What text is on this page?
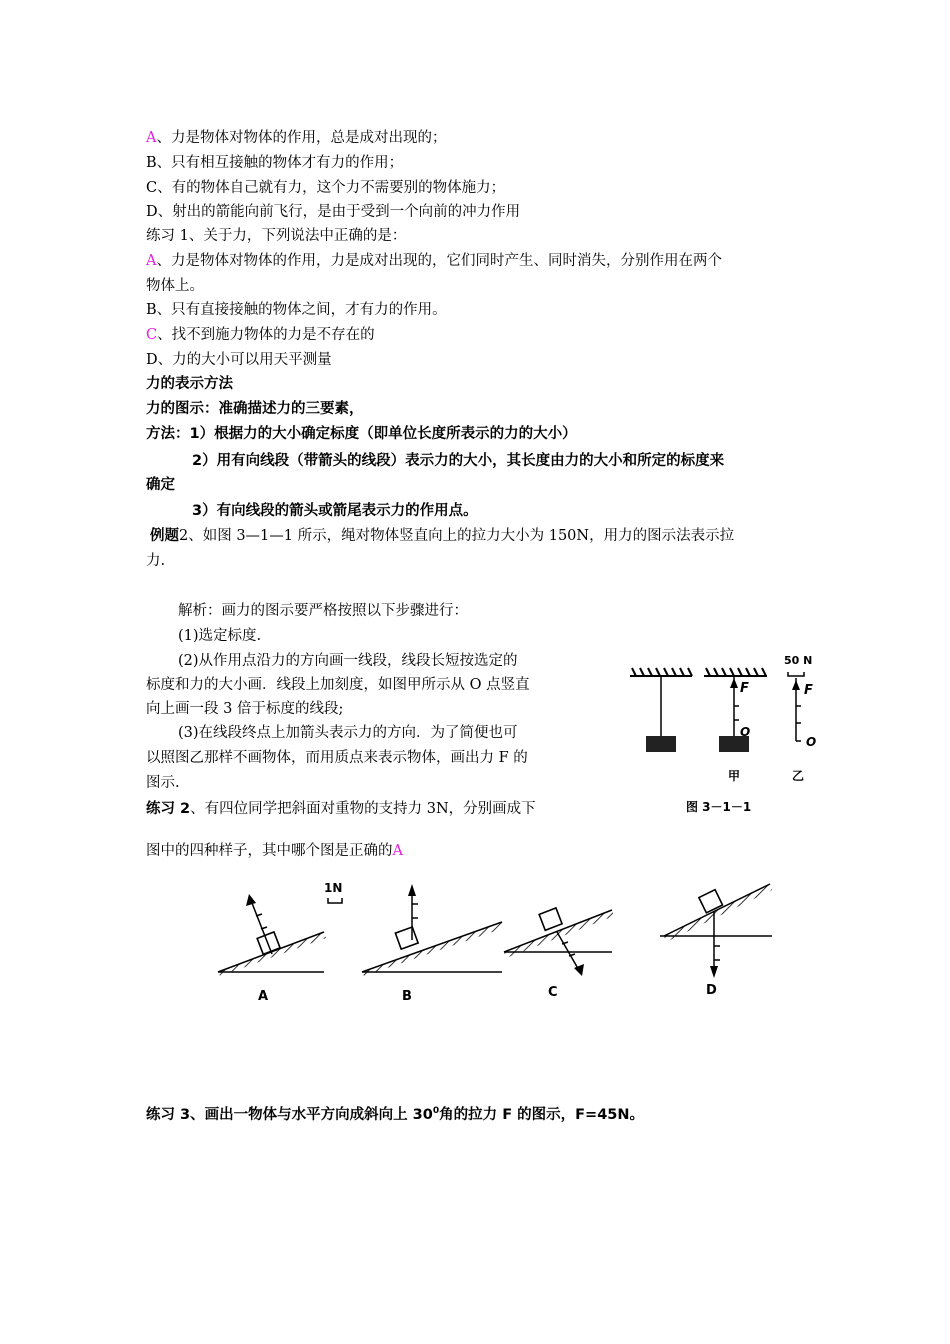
A、力是物体对物体的作用，总是成对出现的；
B、只有相互接触的物体才有力的作用；
C、有的物体自己就有力，这个力不需要别的物体施力；
D、射出的箭能向前飞行，是由于受到一个向前的冲力作用
练习 1、关于力，下列说法中正确的是：
A、力是物体对物体的作用，力是成对出现的，它们同时产生、同时消失，分别作用在两个
物体上。
B、只有直接接触的物体之间，才有力的作用。
C、找不到施力物体的力是不存在的
D、力的大小可以用天平测量
力的表示方法
力的图示：准确描述力的三要素，
方法：1）根据力的大小确定标度（即单位长度所表示的力的大小）
2）用有向线段（带箭头的线段）表示力的大小，其长度由力的大小和所定的标度来
确定
3）有向线段的箭头或箭尾表示力的作用点。
例题2、如图 3—1—1 所示，绳对物体竖直向上的拉力大小为 150N，用力的图示法表示拉
力.
解析：画力的图示要严格按照以下步骤进行：
(1)选定标度.
(2)从作用点沿力的方向画一线段，线段长短按选定的
标度和力的大小画．线段上加刻度，如图甲所示从 O 点竖直
向上画一段 3 倍于标度的线段;
(3)在线段终点上加箭头表示力的方向．为了简便也可
以照图乙那样不画物体，而用质点来表示物体，画出力 F 的
图示.
练习 2、有四位同学把斜面对重物的支持力 3N，分别画成下
图中的四种样子，其中哪个图是正确的A
练习 3、画出一物体与水平方向成斜向上 $30^0$角的拉力 F 的图示，F=45N。
F
O
50 N
F
O
甲	乙
图 3－1－1
1N
A	B	C	D
